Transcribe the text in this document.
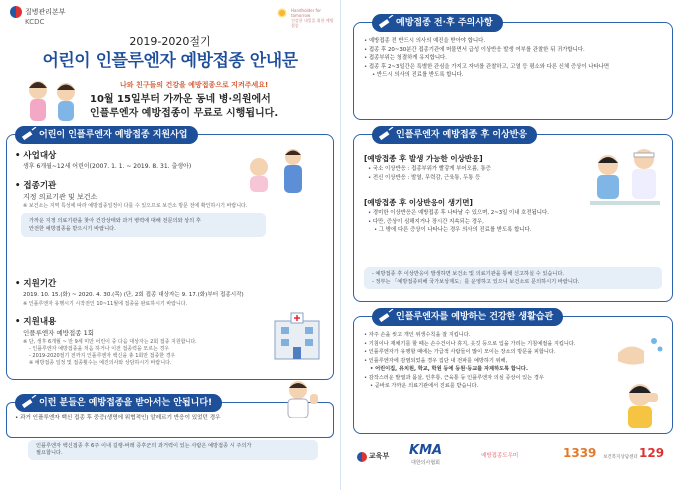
질병관리본부
KCDC
Handholder for tomorrow
건강한 내일을 위한 예방접종
2019-2020절기
어린이 인플루엔자 예방접종 안내문
나와 친구들의 건강을 예방접종으로 지켜주세요!
10월 15일부터 가까운 동네 병·의원에서
인플루엔자 예방접종이 무료로 시행됩니다.
어린이 인플루엔자 예방접종 지원사업
• 사업대상
생후 6개월~12세 어린이(2007. 1. 1. ~ 2019. 8. 31. 출생아)
• 접종기관
지정 의료기관 및 보건소
※ 보건소는 지역 특성에 따라 예방접종일정이 다를 수 있으므로 보건소 방문 전에 확인하시기 바랍니다.
가까운 지정 의료기관을 찾아 건강상태와 과거 병력에 대해 전문의와 상의 후
안전한 예방접종을 받으시기 바랍니다.
• 지원기간
2019. 10. 15.(화) ~ 2020. 4. 30.(목) (단, 2회 접종 대상자는 9. 17.(화)부터 접종시작)
※ 인플루엔자 유행시기 시작전인 10~11월에 접종을 완료하시기 바랍니다.
• 지원내용
인플루엔자 예방접종 1회
※ 단, 생후 6개월 ~ 만 9세 미만 어린이 중 다음 대상자는 2회 접종 지원합니다.
- 인플루엔자 예방접종을 처음 하거나 이전 접종력을 모르는 경우
- 2019-2020절기 전까지 인플루엔자 백신을 총 1회만 접종한 경우
※ 예방접종 일정 및 접종횟수는 예진의사와 상담하시기 바랍니다.
이런 분들은 예방접종을 받아서는 안됩니다!
• 과거 인플루엔자 백신 접종 후 중증(생명에 위협적인) 알레르기 반응이 있었던 경우
인플루엔자 백신접종 후 6주 이내 길랭-바레 증후군의 과거력이 있는 사람은 예방접종 시 주의가
필요합니다.
예방접종 전·후 주의사항
• 예방접종 전 반드시 의사의 예진을 받아야 합니다.
• 접종 후 20~30분간 접종기관에 머물면서 급성 이상반응 발생 여부를 관찰한 뒤 귀가합니다.
• 접종부위는 청결하게 유지합니다.
• 접종 후 2~3일간은 특별한 관심을 가지고 자녀를 관찰하고, 고열 등 평소와 다른 신체 증상이 나타나면
• 반드시 의사의 진료를 받도록 합니다.
인플루엔자 예방접종 후 이상반응
[예방접종 후 발생 가능한 이상반응]
• 국소 이상반응 : 접종부위가 빨갛게 부어오름, 통증
• 전신 이상반응 : 발열, 무력감, 근육통, 두통 등
[예방접종 후 이상반응이 생기면]
• 경미한 이상반응은 예방접종 후 나타날 수 있으며, 2~3일 이내 호전됩니다.
• 다만, 증상이 심해지거나 장시간 지속되는 경우,
• 그 밖에 다른 증상이 나타나는 경우 의사의 진료를 받도록 합니다.
- 예방접종 후 이상반응이 발생하면 보건소 및 의료기관을 통해 신고하실 수 있습니다.
- 정부는 「예방접종피해 국가보상제도」를 운영하고 있으니 보건소로 문의하시기 바랍니다.
인플루엔자를 예방하는 건강한 생활습관
• 자주 손을 씻고 개인 위생수칙을 잘 지킵니다.
• 기침이나 재채기를 할 때는 손수건이나 휴지, 옷깃 등으로 입을 가리는 기침예절을 지킵니다.
• 인플루엔자가 유행할 때에는 가급적 사람들이 많이 모이는 장소의 방문을 피합니다.
• 인플루엔자에 감염되었을 경우 집단 내 전파를 예방하기 위해,
• 어린이집, 유치원, 학교, 학원 등에 등원·등교를 자제하도록 합니다.
• 감작스러운 발열과 몸살, 인후통, 근육통 등 인플루엔자 의심 증상이 있는 경우
• 곧바로 가까운 의료기관에서 진료를 받습니다.
교육부 KMA
대한의사협회
예방접종도우미	1339 보건복지상담센터 129
